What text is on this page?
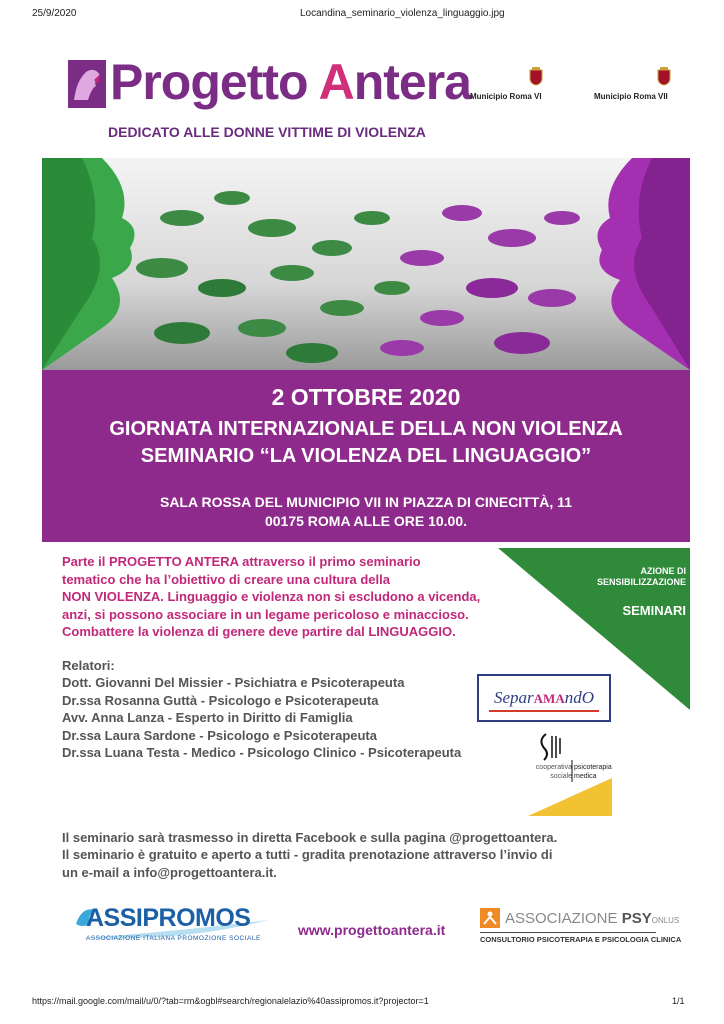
25/9/2020	Locandina_seminario_violenza_linguaggio.jpg
Progetto Antera
DEDICATO ALLE DONNE VITTIME DI VIOLENZA
Municipio Roma VI	Municipio Roma VII
2 OTTOBRE 2020
GIORNATA INTERNAZIONALE DELLA NON VIOLENZA
SEMINARIO “LA VIOLENZA DEL LINGUAGGIO”
SALA ROSSA DEL MUNICIPIO VII IN PIAZZA DI CINECITTÀ, 11
00175 ROMA ALLE ORE 10.00.
Parte il PROGETTO ANTERA attraverso il primo seminario
tematico che ha l’obiettivo di creare una cultura della
NON VIOLENZA. Linguaggio e violenza non si escludono a vicenda,
anzi, si possono associare in un legame pericoloso e minaccioso.
Combattere la violenza di genere deve partire dal LINGUAGGIO.
AZIONE DI
SENSIBILIZZAZIONE
SEMINARI
Relatori:
Dott. Giovanni Del Missier - Psichiatra e Psicoterapeuta
Dr.ssa Rosanna Guttà - Psicologo e Psicoterapeuta
Avv. Anna Lanza - Esperto in Diritto di Famiglia
Dr.ssa Laura Sardone - Psicologo e Psicoterapeuta
Dr.ssa Luana Testa - Medico - Psicologo Clinico - Psicoterapeuta
SeparAMAndO
cooperativa
sociale
psicoterapia
medica
Il seminario sarà trasmesso in diretta Facebook e sulla pagina @progettoantera.
Il seminario è gratuito e aperto a tutti - gradita prenotazione attraverso l’invio di
un e-mail a info@progettoantera.it.
ASSIPROMOS
ASSOCIAZIONE ITALIANA PROMOZIONE SOCIALE
www.progettoantera.it
ASSOCIAZIONE PSYONLUS
CONSULTORIO PSICOTERAPIA E PSICOLOGIA CLINICA
https://mail.google.com/mail/u/0/?tab=rm&ogbl#search/regionalelazio%40assipromos.it?projector=1	1/1
